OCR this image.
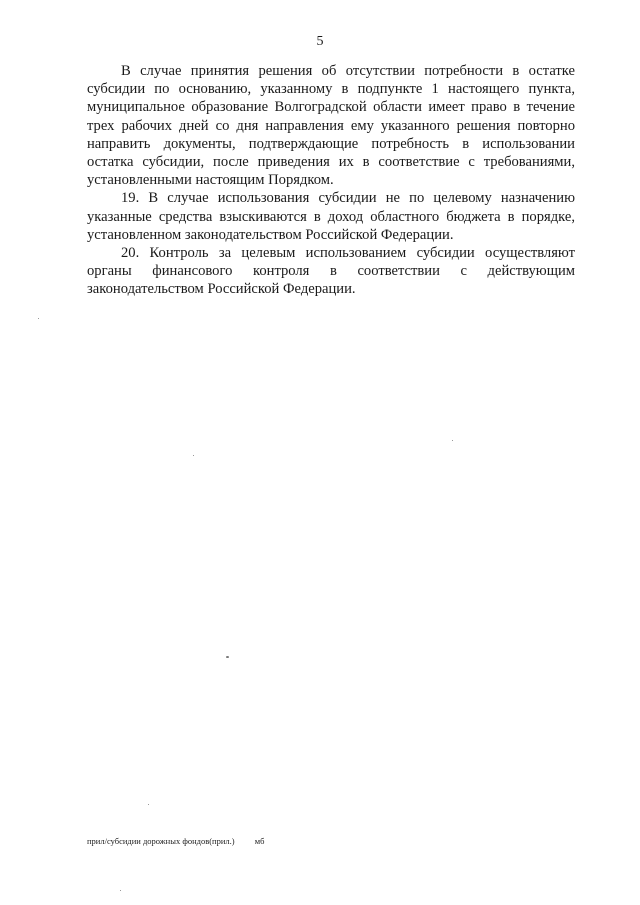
5

В случае принятия решения об отсутствии потребности в остатке субсидии по основанию, указанному в подпункте 1 настоящего пункта, муниципальное образование Волгоградской области имеет право в течение трех рабочих дней со дня направления ему указанного решения повторно направить документы, подтверждающие потребность в использовании остатка субсидии, после приведения их в соответствие с требованиями, установленными настоящим Порядком.

19. В случае использования субсидии не по целевому назначению указанные средства взыскиваются в доход областного бюджета в порядке, установленном законодательством Российской Федерации.

20. Контроль за целевым использованием субсидии осуществляют органы финансового контроля в соответствии с действующим законодательством Российской Федерации.

прил/субсидии дорожных фондов(прил.) мб
